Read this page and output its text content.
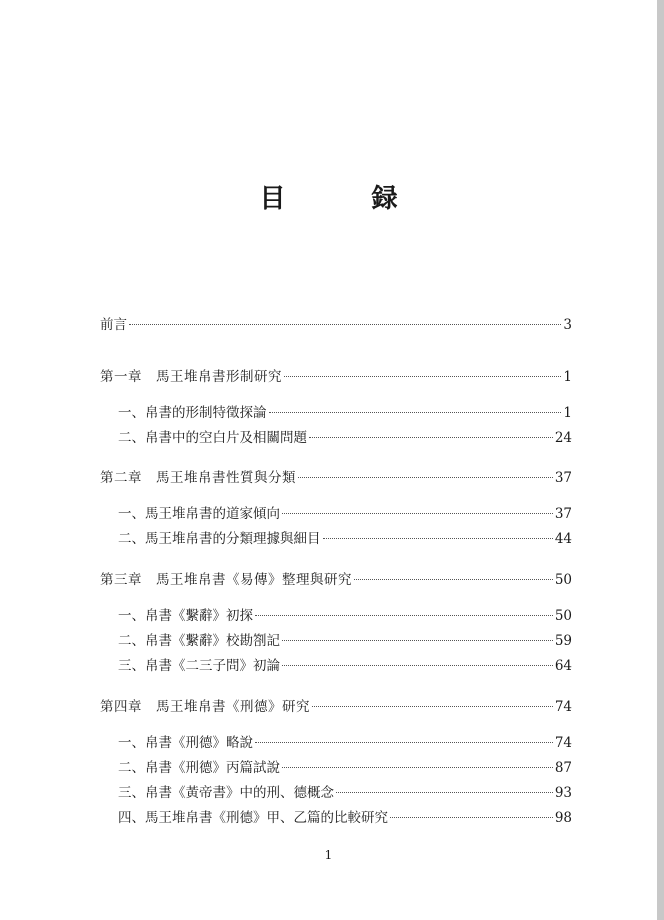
目　録
前言	3
第一章　馬王堆帛書形制研究	1
一、帛書的形制特徵探論	1
二、帛書中的空白片及相關問題	24
第二章　馬王堆帛書性質與分類	37
一、馬王堆帛書的道家傾向	37
二、馬王堆帛書的分類理據與細目	44
第三章　馬王堆帛書《易傳》整理與研究	50
一、帛書《繫辭》初探	50
二、帛書《繫辭》校勘劄記	59
三、帛書《二三子問》初論	64
第四章　馬王堆帛書《刑德》研究	74
一、帛書《刑德》略說	74
二、帛書《刑德》丙篇試說	87
三、帛書《黃帝書》中的刑、德概念	93
四、馬王堆帛書《刑德》甲、乙篇的比較研究	98
1
